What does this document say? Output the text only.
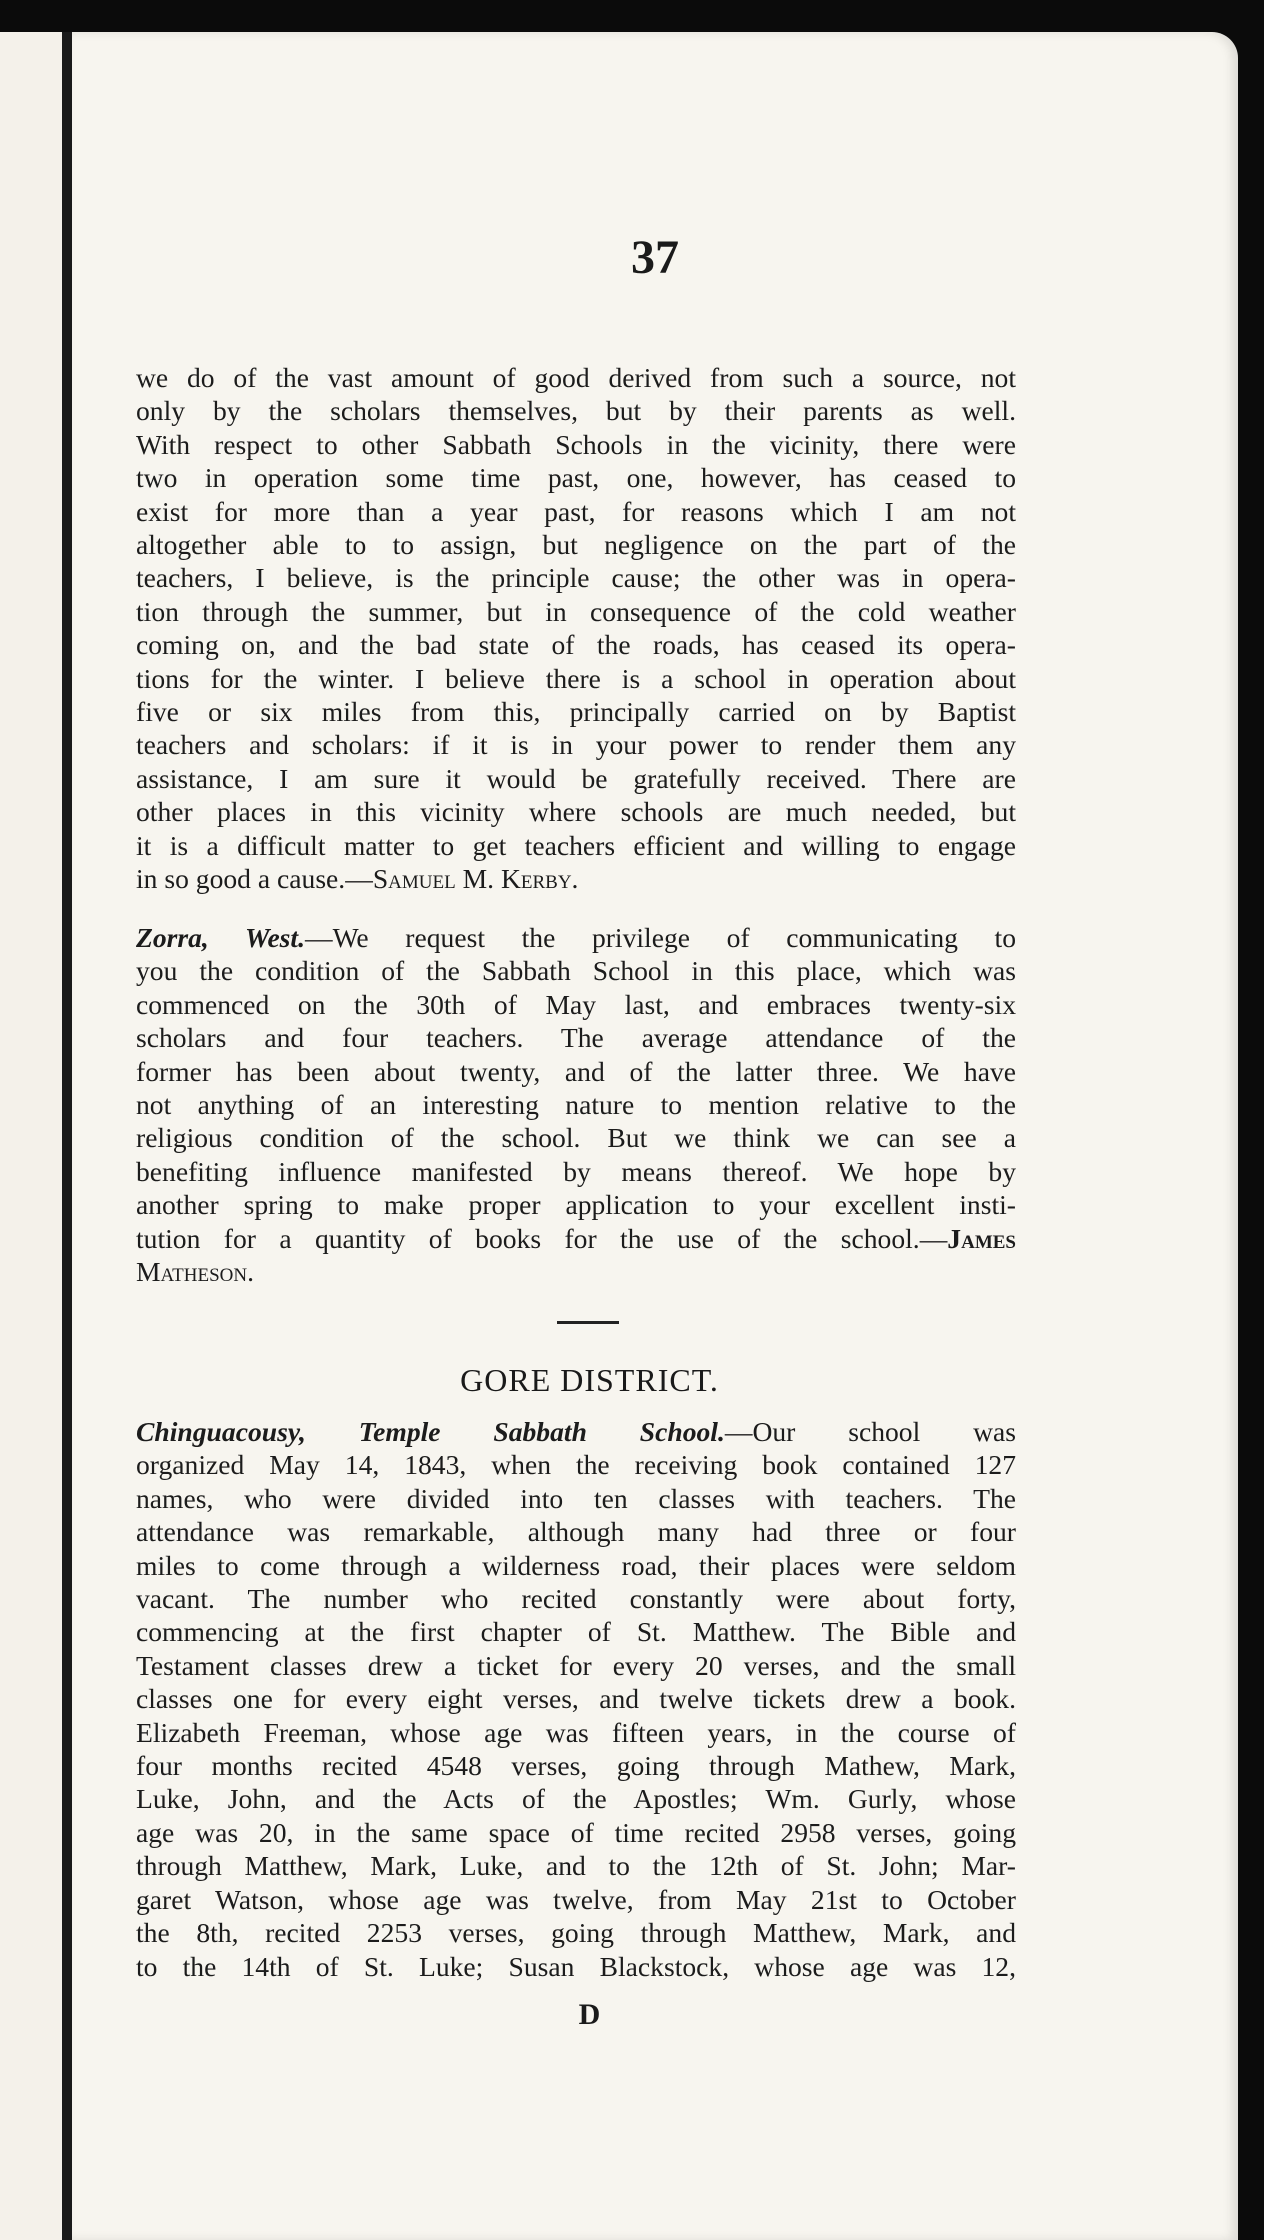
37
we do of the vast amount of good derived from such a source, not
only by the scholars themselves, but by their parents as well.
With respect to other Sabbath Schools in the vicinity, there were
two in operation some time past, one, however, has ceased to
exist for more than a year past, for reasons which I am not
altogether able to to assign, but negligence on the part of the
teachers, I believe, is the principle cause; the other was in opera-
tion through the summer, but in consequence of the cold weather
coming on, and the bad state of the roads, has ceased its opera-
tions for the winter. I believe there is a school in operation about
five or six miles from this, principally carried on by Baptist
teachers and scholars: if it is in your power to render them any
assistance, I am sure it would be gratefully received. There are
other places in this vicinity where schools are much needed, but
it is a difficult matter to get teachers efficient and willing to engage
in so good a cause.—Samuel M. Kerby.
Zorra, West.—We request the privilege of communicating to
you the condition of the Sabbath School in this place, which was
commenced on the 30th of May last, and embraces twenty-six
scholars and four teachers. The average attendance of the
former has been about twenty, and of the latter three. We have
not anything of an interesting nature to mention relative to the
religious condition of the school. But we think we can see a
benefiting influence manifested by means thereof. We hope by
another spring to make proper application to your excellent insti-
tution for a quantity of books for the use of the school.—James
Matheson.
GORE DISTRICT.
Chinguacousy, Temple Sabbath School.—Our school was
organized May 14, 1843, when the receiving book contained 127
names, who were divided into ten classes with teachers. The
attendance was remarkable, although many had three or four
miles to come through a wilderness road, their places were seldom
vacant. The number who recited constantly were about forty,
commencing at the first chapter of St. Matthew. The Bible and
Testament classes drew a ticket for every 20 verses, and the small
classes one for every eight verses, and twelve tickets drew a book.
Elizabeth Freeman, whose age was fifteen years, in the course of
four months recited 4548 verses, going through Mathew, Mark,
Luke, John, and the Acts of the Apostles; Wm. Gurly, whose
age was 20, in the same space of time recited 2958 verses, going
through Matthew, Mark, Luke, and to the 12th of St. John; Mar-
garet Watson, whose age was twelve, from May 21st to October
the 8th, recited 2253 verses, going through Matthew, Mark, and
to the 14th of St. Luke; Susan Blackstock, whose age was 12,
D
